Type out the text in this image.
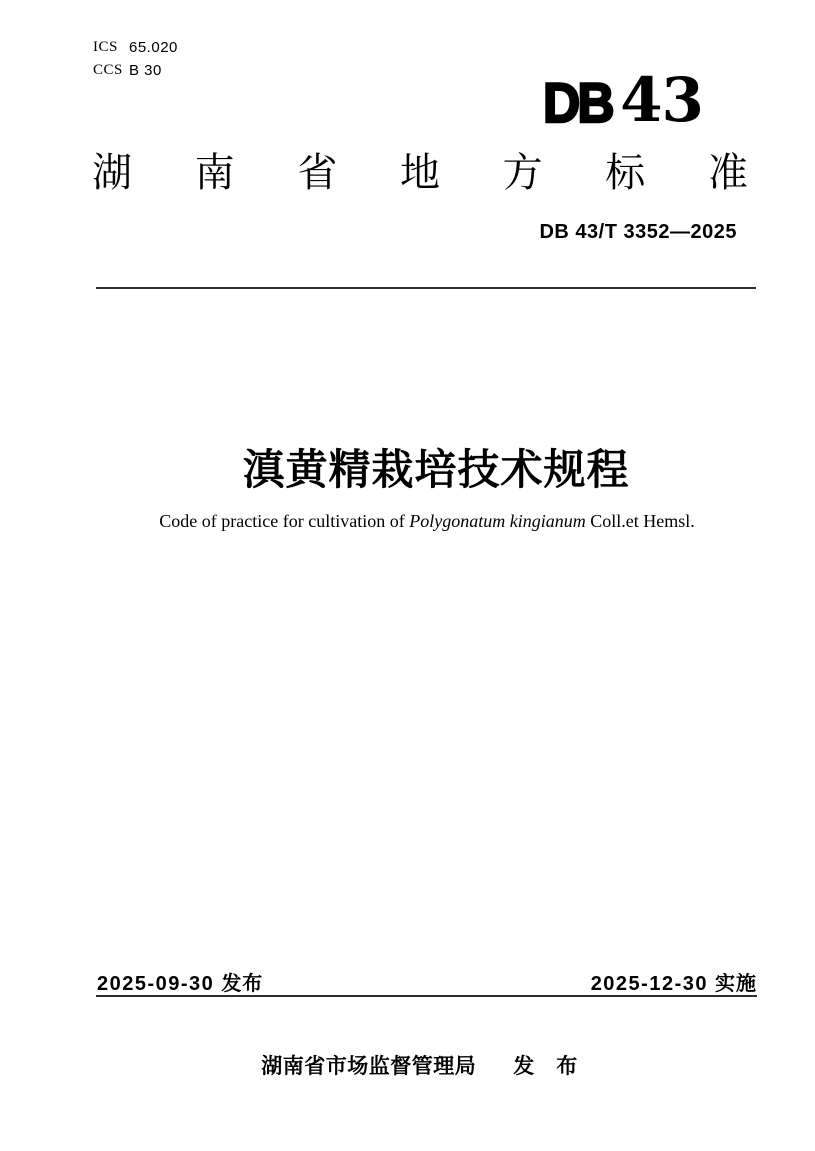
ICS 65.020
CCS B 30
DB 43
湖 南 省 地 方 标 准
DB 43/T 3352—2025
滇黄精栽培技术规程
Code of practice for cultivation of Polygonatum kingianum Coll.et Hemsl.
2025-09-30 发布	2025-12-30 实施
湖南省市场监督管理局 发　布
